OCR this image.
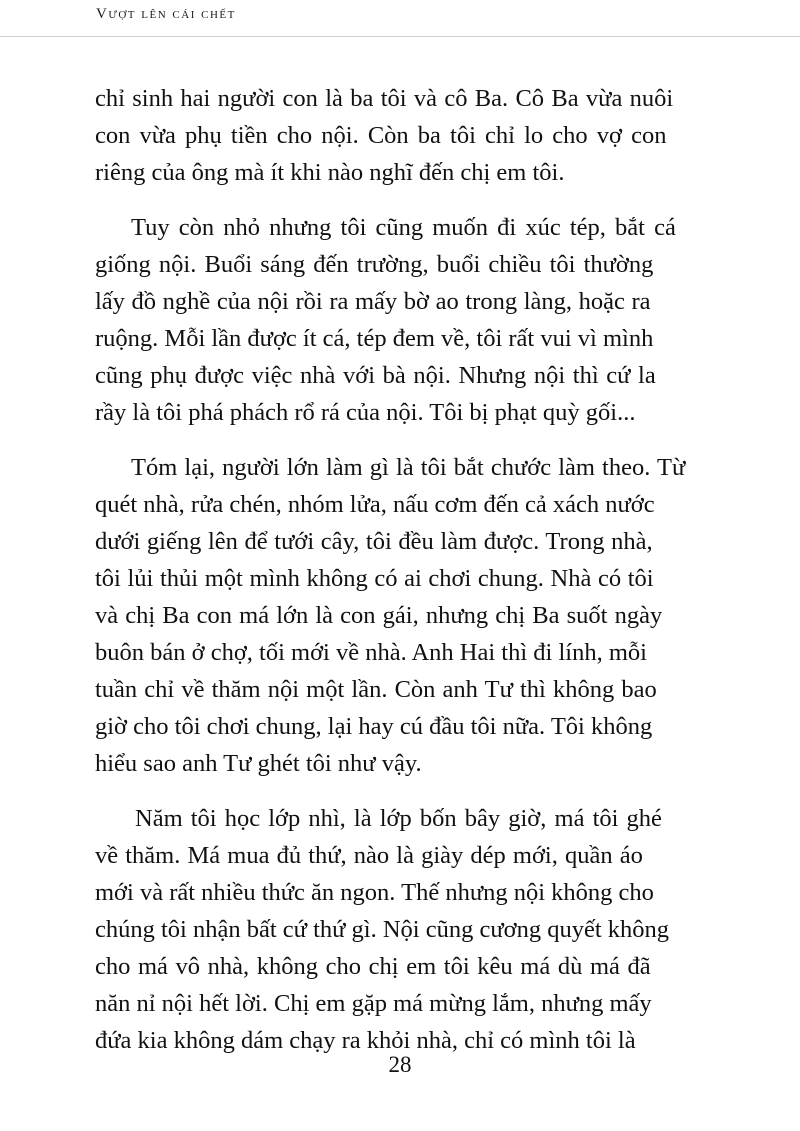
Vượt lên cái chết
chỉ sinh hai người con là ba tôi và cô Ba. Cô Ba vừa nuôi
con vừa phụ tiền cho nội. Còn ba tôi chỉ lo cho vợ con
riêng của ông mà ít khi nào nghĩ đến chị em tôi.
Tuy còn nhỏ nhưng tôi cũng muốn đi xúc tép, bắt cá
giống nội. Buổi sáng đến trường, buổi chiều tôi thường
lấy đồ nghề của nội rồi ra mấy bờ ao trong làng, hoặc ra
ruộng. Mỗi lần được ít cá, tép đem về, tôi rất vui vì mình
cũng phụ được việc nhà với bà nội. Nhưng nội thì cứ la
rầy là tôi phá phách rổ rá của nội. Tôi bị phạt quỳ gối...
Tóm lại, người lớn làm gì là tôi bắt chước làm theo. Từ
quét nhà, rửa chén, nhóm lửa, nấu cơm đến cả xách nước
dưới giếng lên để tưới cây, tôi đều làm được. Trong nhà,
tôi lủi thủi một mình không có ai chơi chung. Nhà có tôi
và chị Ba con má lớn là con gái, nhưng chị Ba suốt ngày
buôn bán ở chợ, tối mới về nhà. Anh Hai thì đi lính, mỗi
tuần chỉ về thăm nội một lần. Còn anh Tư thì không bao
giờ cho tôi chơi chung, lại hay cú đầu tôi nữa. Tôi không
hiểu sao anh Tư ghét tôi như vậy.
Năm tôi học lớp nhì, là lớp bốn bây giờ, má tôi ghé
về thăm. Má mua đủ thứ, nào là giày dép mới, quần áo
mới và rất nhiều thức ăn ngon. Thế nhưng nội không cho
chúng tôi nhận bất cứ thứ gì. Nội cũng cương quyết không
cho má vô nhà, không cho chị em tôi kêu má dù má đã
năn nỉ nội hết lời. Chị em gặp má mừng lắm, nhưng mấy
đứa kia không dám chạy ra khỏi nhà, chỉ có mình tôi là
28
